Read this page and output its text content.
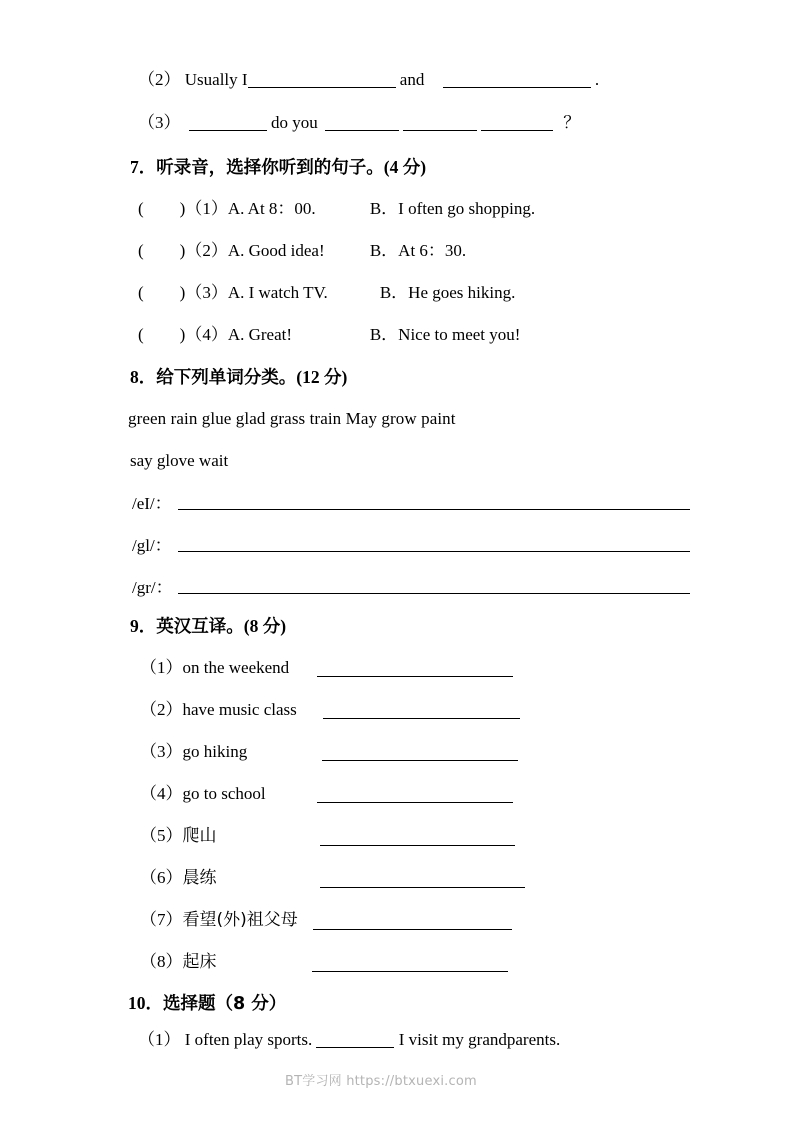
（2） Usually I	and	.
（3）	do you	？
7．听录音，选择你听到的句子。(4 分)
( )（1）A. At 8：00.	B．I often go shopping.
( )（2）A. Good idea!	B．At 6：30.
( )（3）A. I watch TV.	B．He goes hiking.
( )（4）A. Great!	B．Nice to meet you!
8．给下列单词分类。(12 分)
green rain glue glad grass train May grow paint
say glove wait
/eI/：
/gl/：
/gr/：
9．英汉互译。(8 分)
（1）on the weekend
（2）have music class
（3）go hiking
（4）go to school
（5）爬山
（6）晨练
（7）看望(外)祖父母
（8）起床
10．选择题（8 分）
（1） I often play sports.	I visit my grandparents.
BT学习网 https://btxuexi.com
